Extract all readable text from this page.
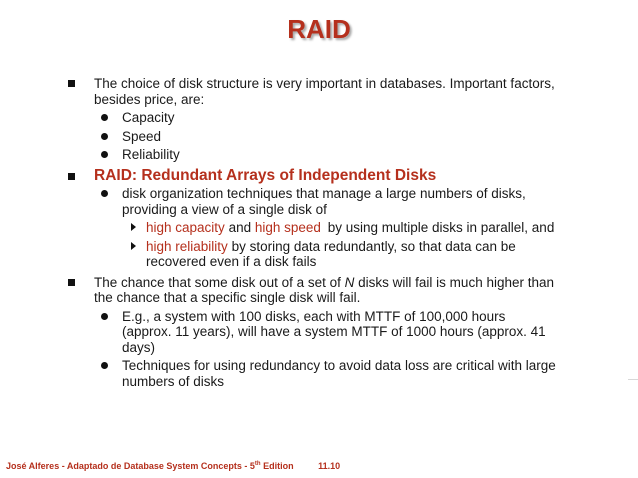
RAID
The choice of disk structure is very important in databases. Important factors, besides price, are:
Capacity
Speed
Reliability
RAID: Redundant Arrays of Independent Disks
disk organization techniques that manage a large numbers of disks, providing a view of a single disk of
high capacity and high speed by using multiple disks in parallel, and
high reliability by storing data redundantly, so that data can be recovered even if a disk fails
The chance that some disk out of a set of N disks will fail is much higher than the chance that a specific single disk will fail.
E.g., a system with 100 disks, each with MTTF of 100,000 hours (approx. 11 years), will have a system MTTF of 1000 hours (approx. 41 days)
Techniques for using redundancy to avoid data loss are critical with large numbers of disks
José Alferes - Adaptado de Database System Concepts - 5th Edition	11.10
